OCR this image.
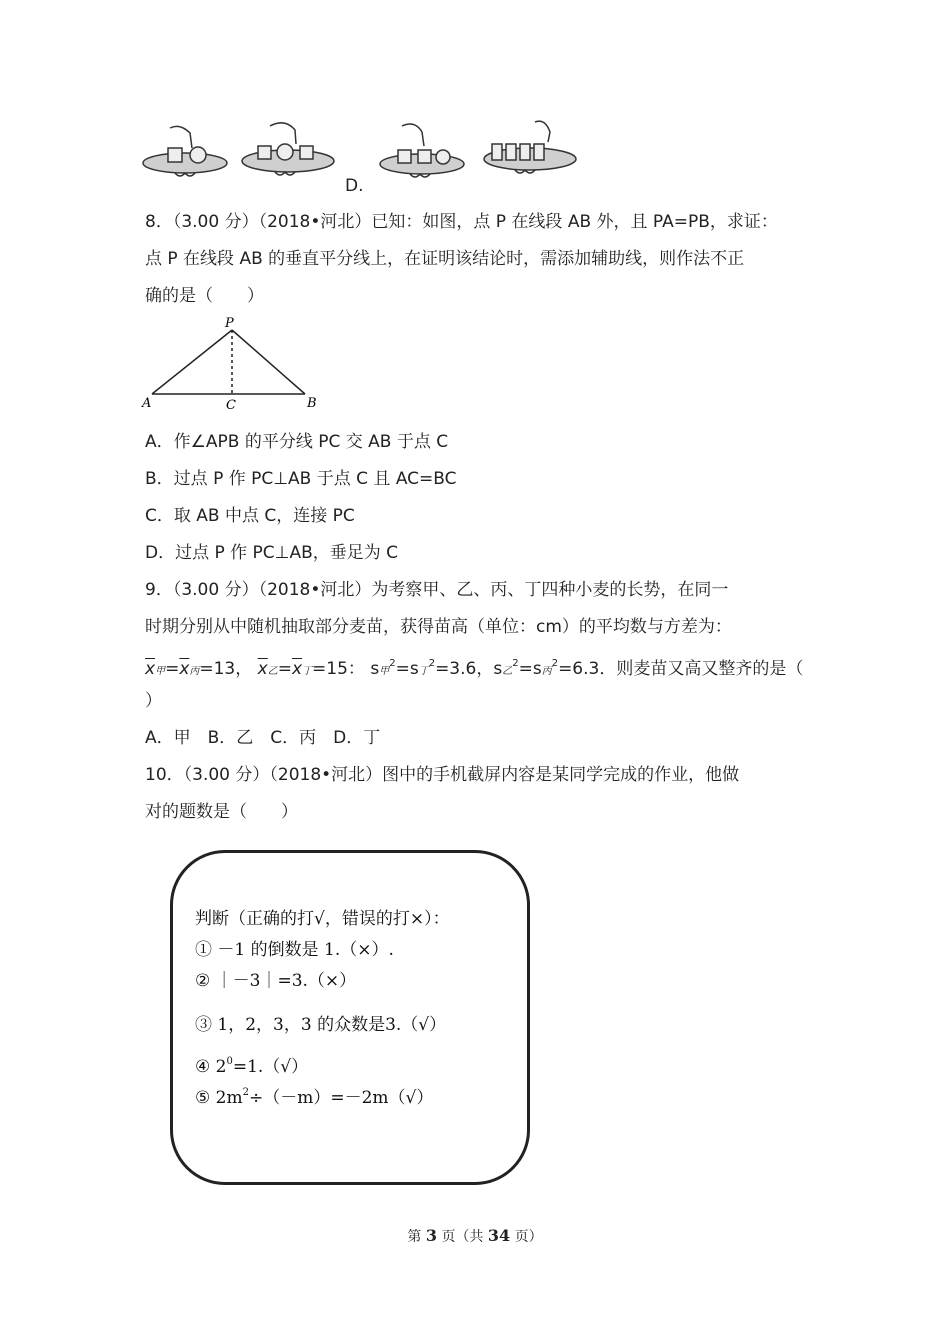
D.
8．（3.00 分）（2018•河北）已知：如图，点 P 在线段 AB 外，且 PA=PB，求证：
点 P 在线段 AB 的垂直平分线上，在证明该结论时，需添加辅助线，则作法不正
确的是（　　）
P
A	C	B
A．作∠APB 的平分线 PC 交 AB 于点 C
B．过点 P 作 PC⊥AB 于点 C 且 AC=BC
C．取 AB 中点 C，连接 PC
D．过点 P 作 PC⊥AB，垂足为 C
9．（3.00 分）（2018•河北）为考察甲、乙、丙、丁四种小麦的长势，在同一
时期分别从中随机抽取部分麦苗，获得苗高（单位：cm）的平均数与方差为：
$\overline{x}$甲$=\overline{x}$丙=13， $\overline{x}$乙$=\overline{x}$丁=15： s甲$^2$=s丁$^2$=3.6，s乙$^2$=s丙$^2$=6.3．则麦苗又高又整齐的是（
）
A．甲　B．乙　C．丙　D．丁
10．（3.00 分）（2018•河北）图中的手机截屏内容是某同学完成的作业，他做
对的题数是（　　）
判断（正确的打√，错误的打×）：
① －1 的倒数是 1.（×）.
② ｜－3｜=3.（×）
③ 1，2，3，3 的众数是3.（√）
④ $2^0=1.(√)$
⑤ $2m^2\div(-m)=-2m(√)$
第 3 页（共 34 页）
